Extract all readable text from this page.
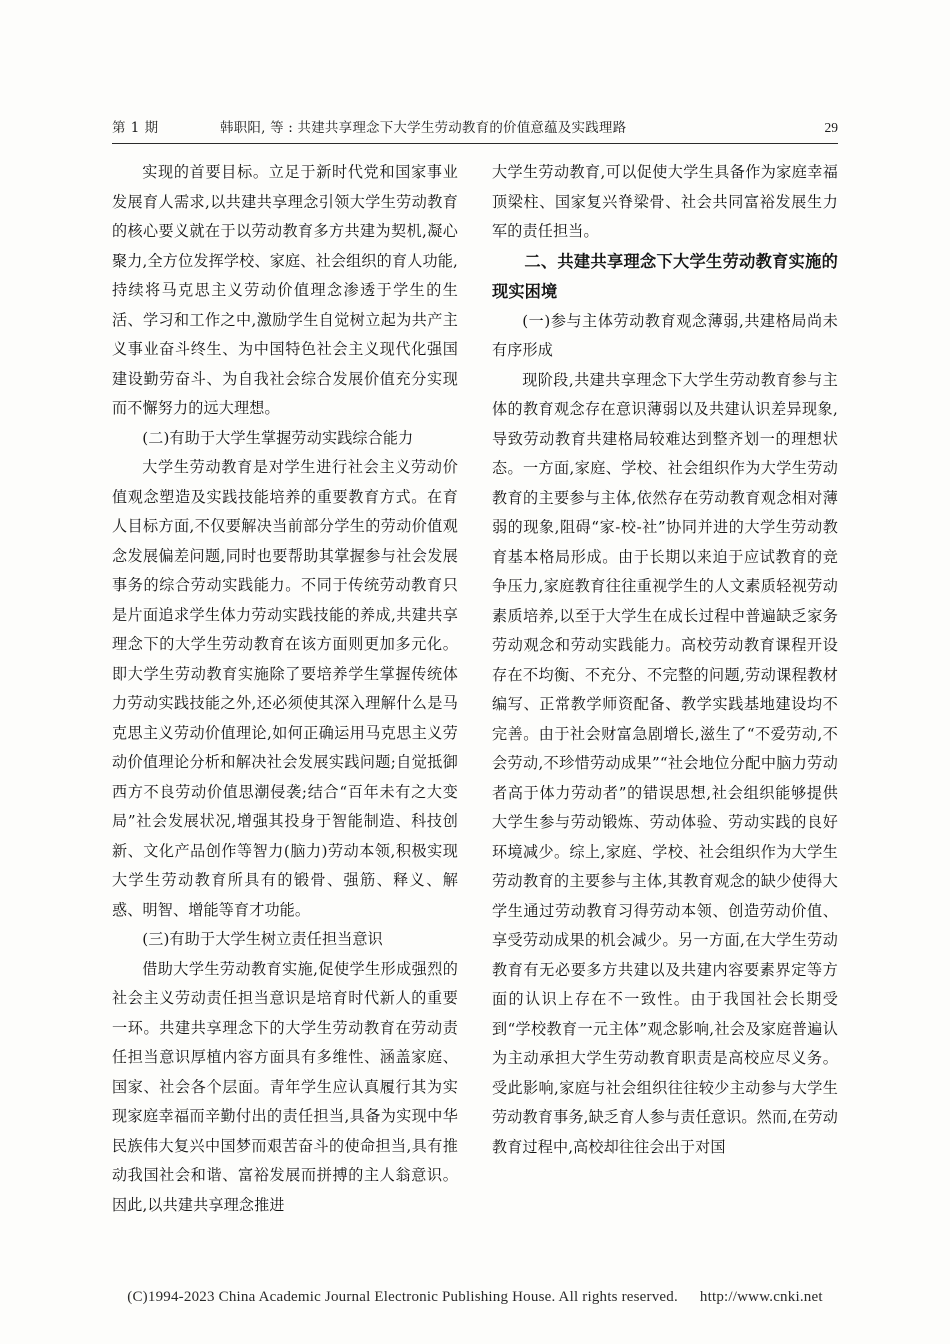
第 1 期	韩职阳, 等 : 共建共享理念下大学生劳动教育的价值意蕴及实践理路	29

实现的首要目标。立足于新时代党和国家事业发展育人需求,以共建共享理念引领大学生劳动教育的核心要义就在于以劳动教育多方共建为契机,凝心聚力,全方位发挥学校、家庭、社会组织的育人功能,持续将马克思主义劳动价值理念渗透于学生的生活、学习和工作之中,激励学生自觉树立起为共产主义事业奋斗终生、为中国特色社会主义现代化强国建设勤劳奋斗、为自我社会综合发展价值充分实现而不懈努力的远大理想。

(二)有助于大学生掌握劳动实践综合能力

大学生劳动教育是对学生进行社会主义劳动价值观念塑造及实践技能培养的重要教育方式。在育人目标方面,不仅要解决当前部分学生的劳动价值观念发展偏差问题,同时也要帮助其掌握参与社会发展事务的综合劳动实践能力。不同于传统劳动教育只是片面追求学生体力劳动实践技能的养成,共建共享理念下的大学生劳动教育在该方面则更加多元化。即大学生劳动教育实施除了要培养学生掌握传统体力劳动实践技能之外,还必须使其深入理解什么是马克思主义劳动价值理论,如何正确运用马克思主义劳动价值理论分析和解决社会发展实践问题;自觉抵御西方不良劳动价值思潮侵袭;结合“百年未有之大变局”社会发展状况,增强其投身于智能制造、科技创新、文化产品创作等智力(脑力)劳动本领,积极实现大学生劳动教育所具有的锻骨、强筋、释义、解惑、明智、增能等育才功能。

(三)有助于大学生树立责任担当意识

借助大学生劳动教育实施,促使学生形成强烈的社会主义劳动责任担当意识是培育时代新人的重要一环。共建共享理念下的大学生劳动教育在劳动责任担当意识厚植内容方面具有多维性、涵盖家庭、国家、社会各个层面。青年学生应认真履行其为实现家庭幸福而辛勤付出的责任担当,具备为实现中华民族伟大复兴中国梦而艰苦奋斗的使命担当,具有推动我国社会和谐、富裕发展而拼搏的主人翁意识。因此,以共建共享理念推进

大学生劳动教育,可以促使大学生具备作为家庭幸福顶梁柱、国家复兴脊梁骨、社会共同富裕发展生力军的责任担当。

二、共建共享理念下大学生劳动教育实施的现实困境

(一)参与主体劳动教育观念薄弱,共建格局尚未有序形成

现阶段,共建共享理念下大学生劳动教育参与主体的教育观念存在意识薄弱以及共建认识差异现象,导致劳动教育共建格局较难达到整齐划一的理想状态。一方面,家庭、学校、社会组织作为大学生劳动教育的主要参与主体,依然存在劳动教育观念相对薄弱的现象,阻碍“家-校-社”协同并进的大学生劳动教育基本格局形成。由于长期以来迫于应试教育的竞争压力,家庭教育往往重视学生的人文素质轻视劳动素质培养,以至于大学生在成长过程中普遍缺乏家务劳动观念和劳动实践能力。高校劳动教育课程开设存在不均衡、不充分、不完整的问题,劳动课程教材编写、正常教学师资配备、教学实践基地建设均不完善。由于社会财富急剧增长,滋生了“不爱劳动,不会劳动,不珍惜劳动成果”“社会地位分配中脑力劳动者高于体力劳动者”的错误思想,社会组织能够提供大学生参与劳动锻炼、劳动体验、劳动实践的良好环境减少。综上,家庭、学校、社会组织作为大学生劳动教育的主要参与主体,其教育观念的缺少使得大学生通过劳动教育习得劳动本领、创造劳动价值、享受劳动成果的机会减少。另一方面,在大学生劳动教育有无必要多方共建以及共建内容要素界定等方面的认识上存在不一致性。由于我国社会长期受到“学校教育一元主体”观念影响,社会及家庭普遍认为主动承担大学生劳动教育职责是高校应尽义务。受此影响,家庭与社会组织往往较少主动参与大学生劳动教育事务,缺乏育人参与责任意识。然而,在劳动教育过程中,高校却往往会出于对国

(C)1994-2023 China Academic Journal Electronic Publishing House. All rights reserved. http://www.cnki.net
